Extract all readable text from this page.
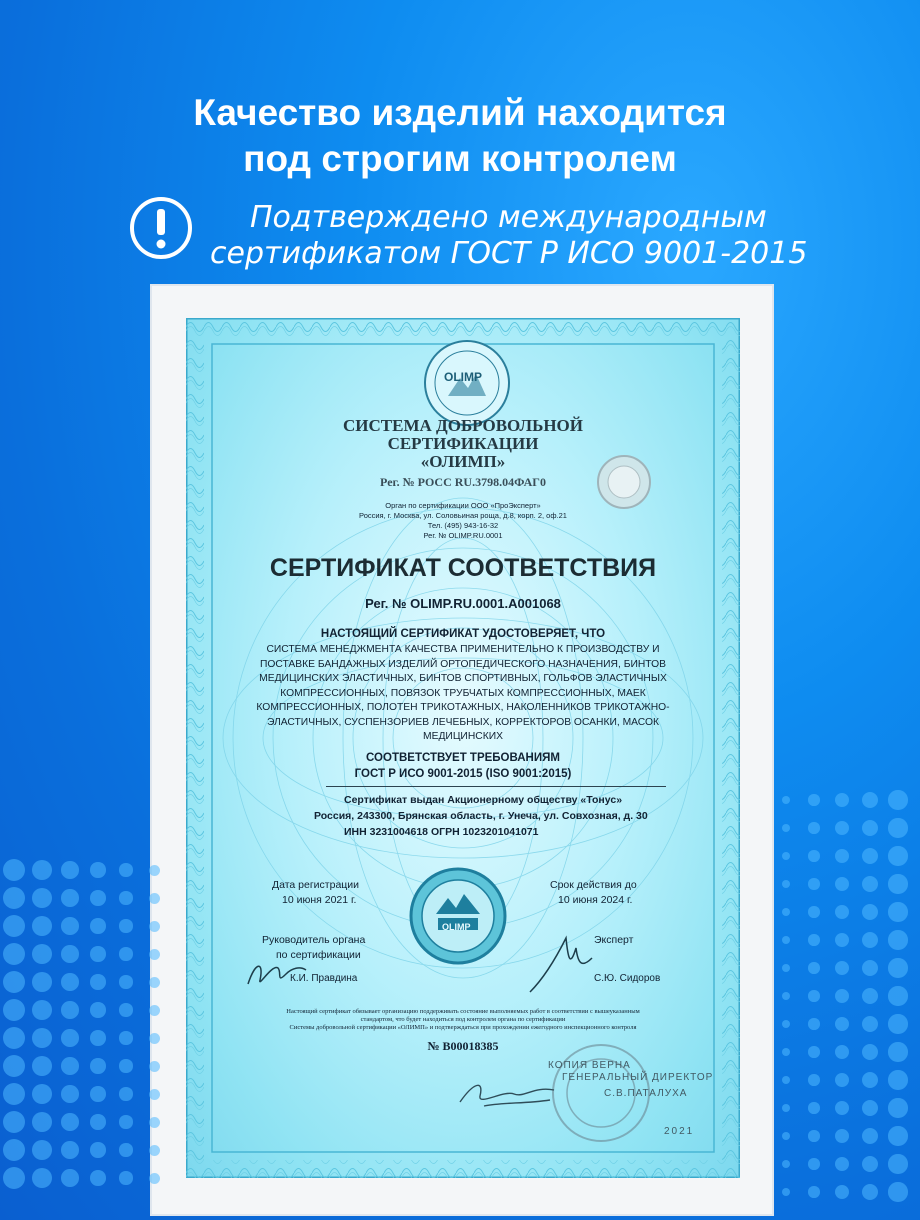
Качество изделий находится
под строгим контролем
Подтверждено международным
сертификатом ГОСТ Р ИСО 9001-2015
OLIMP
СИСТЕМА ДОБРОВОЛЬНОЙ
СЕРТИФИКАЦИИ
«ОЛИМП»
Рег. № РОСС RU.3798.04ФАГ0
Орган по сертификации ООО «ПроЭксперт»
Россия, г. Москва, ул. Соловьиная роща, д.8, корп. 2, оф.21
Тел. (495) 943-16-32
Рег. № OLIMP.RU.0001
СЕРТИФИКАТ СООТВЕТСТВИЯ
Рег. № OLIMP.RU.0001.A001068
НАСТОЯЩИЙ СЕРТИФИКАТ УДОСТОВЕРЯЕТ, ЧТО
СИСТЕМА МЕНЕДЖМЕНТА КАЧЕСТВА ПРИМЕНИТЕЛЬНО К ПРОИЗВОДСТВУ И
ПОСТАВКЕ БАНДАЖНЫХ ИЗДЕЛИЙ ОРТОПЕДИЧЕСКОГО НАЗНАЧЕНИЯ, БИНТОВ
МЕДИЦИНСКИХ ЭЛАСТИЧНЫХ, БИНТОВ СПОРТИВНЫХ, ГОЛЬФОВ ЭЛАСТИЧНЫХ
КОМПРЕССИОННЫХ, ПОВЯЗОК ТРУБЧАТЫХ КОМПРЕССИОННЫХ, МАЕК
КОМПРЕССИОННЫХ, ПОЛОТЕН ТРИКОТАЖНЫХ, НАКОЛЕННИКОВ ТРИКОТАЖНО-
ЭЛАСТИЧНЫХ, СУСПЕНЗОРИЕВ ЛЕЧЕБНЫХ, КОРРЕКТОРОВ ОСАНКИ, МАСОК
МЕДИЦИНСКИХ
СООТВЕТСТВУЕТ ТРЕБОВАНИЯМ
ГОСТ Р ИСО 9001-2015 (ISO 9001:2015)
Сертификат выдан Акционерному обществу «Тонус»
Россия, 243300, Брянская область, г. Унеча, ул. Совхозная, д. 30
ИНН 3231004618 ОГРН 1023201041071
Дата регистрации
10 июня 2021 г.
Срок действия до
10 июня 2024 г.
OLIMP
Руководитель органа
по сертификации
К.И. Правдина
Эксперт
С.Ю. Сидоров
Настоящий сертификат обязывает организацию поддерживать состояние выполняемых работ в соответствии с вышеуказанным
стандартом, что будет находиться под контролем органа по сертификации
Системы добровольной сертификации «ОЛИМП» и подтверждаться при прохождении ежегодного инспекционного контроля
№ B00018385
КОПИЯ ВЕРНА
ГЕНЕРАЛЬНЫЙ ДИРЕКТОР
С.В.ПАТАЛУХА
2021
